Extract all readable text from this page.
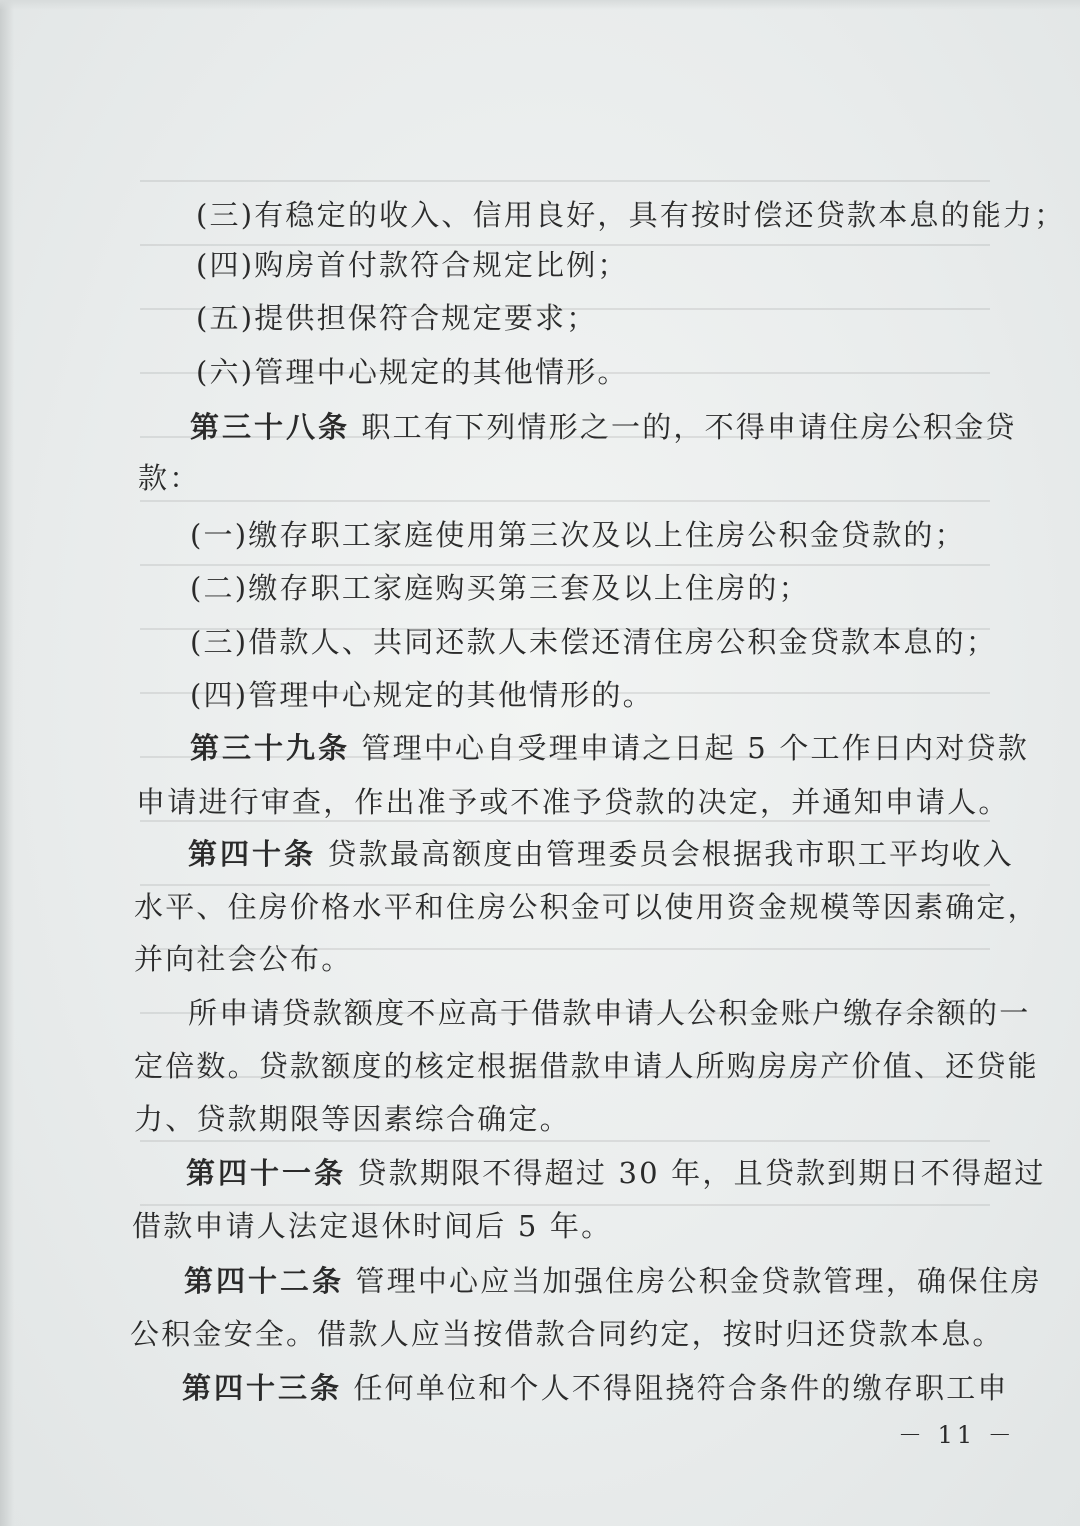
(三)有稳定的收入、信用良好，具有按时偿还贷款本息的能力；
(四)购房首付款符合规定比例；
(五)提供担保符合规定要求；
(六)管理中心规定的其他情形。
第三十八条 职工有下列情形之一的，不得申请住房公积金贷
款：
(一)缴存职工家庭使用第三次及以上住房公积金贷款的；
(二)缴存职工家庭购买第三套及以上住房的；
(三)借款人、共同还款人未偿还清住房公积金贷款本息的；
(四)管理中心规定的其他情形的。
第三十九条 管理中心自受理申请之日起 5 个工作日内对贷款
申请进行审查，作出准予或不准予贷款的决定，并通知申请人。
第四十条 贷款最高额度由管理委员会根据我市职工平均收入
水平、住房价格水平和住房公积金可以使用资金规模等因素确定，
并向社会公布。
所申请贷款额度不应高于借款申请人公积金账户缴存余额的一
定倍数。贷款额度的核定根据借款申请人所购房房产价值、还贷能
力、贷款期限等因素综合确定。
第四十一条 贷款期限不得超过 30 年，且贷款到期日不得超过
借款申请人法定退休时间后 5 年。
第四十二条 管理中心应当加强住房公积金贷款管理，确保住房
公积金安全。借款人应当按借款合同约定，按时归还贷款本息。
第四十三条 任何单位和个人不得阻挠符合条件的缴存职工申
－ 11 －
